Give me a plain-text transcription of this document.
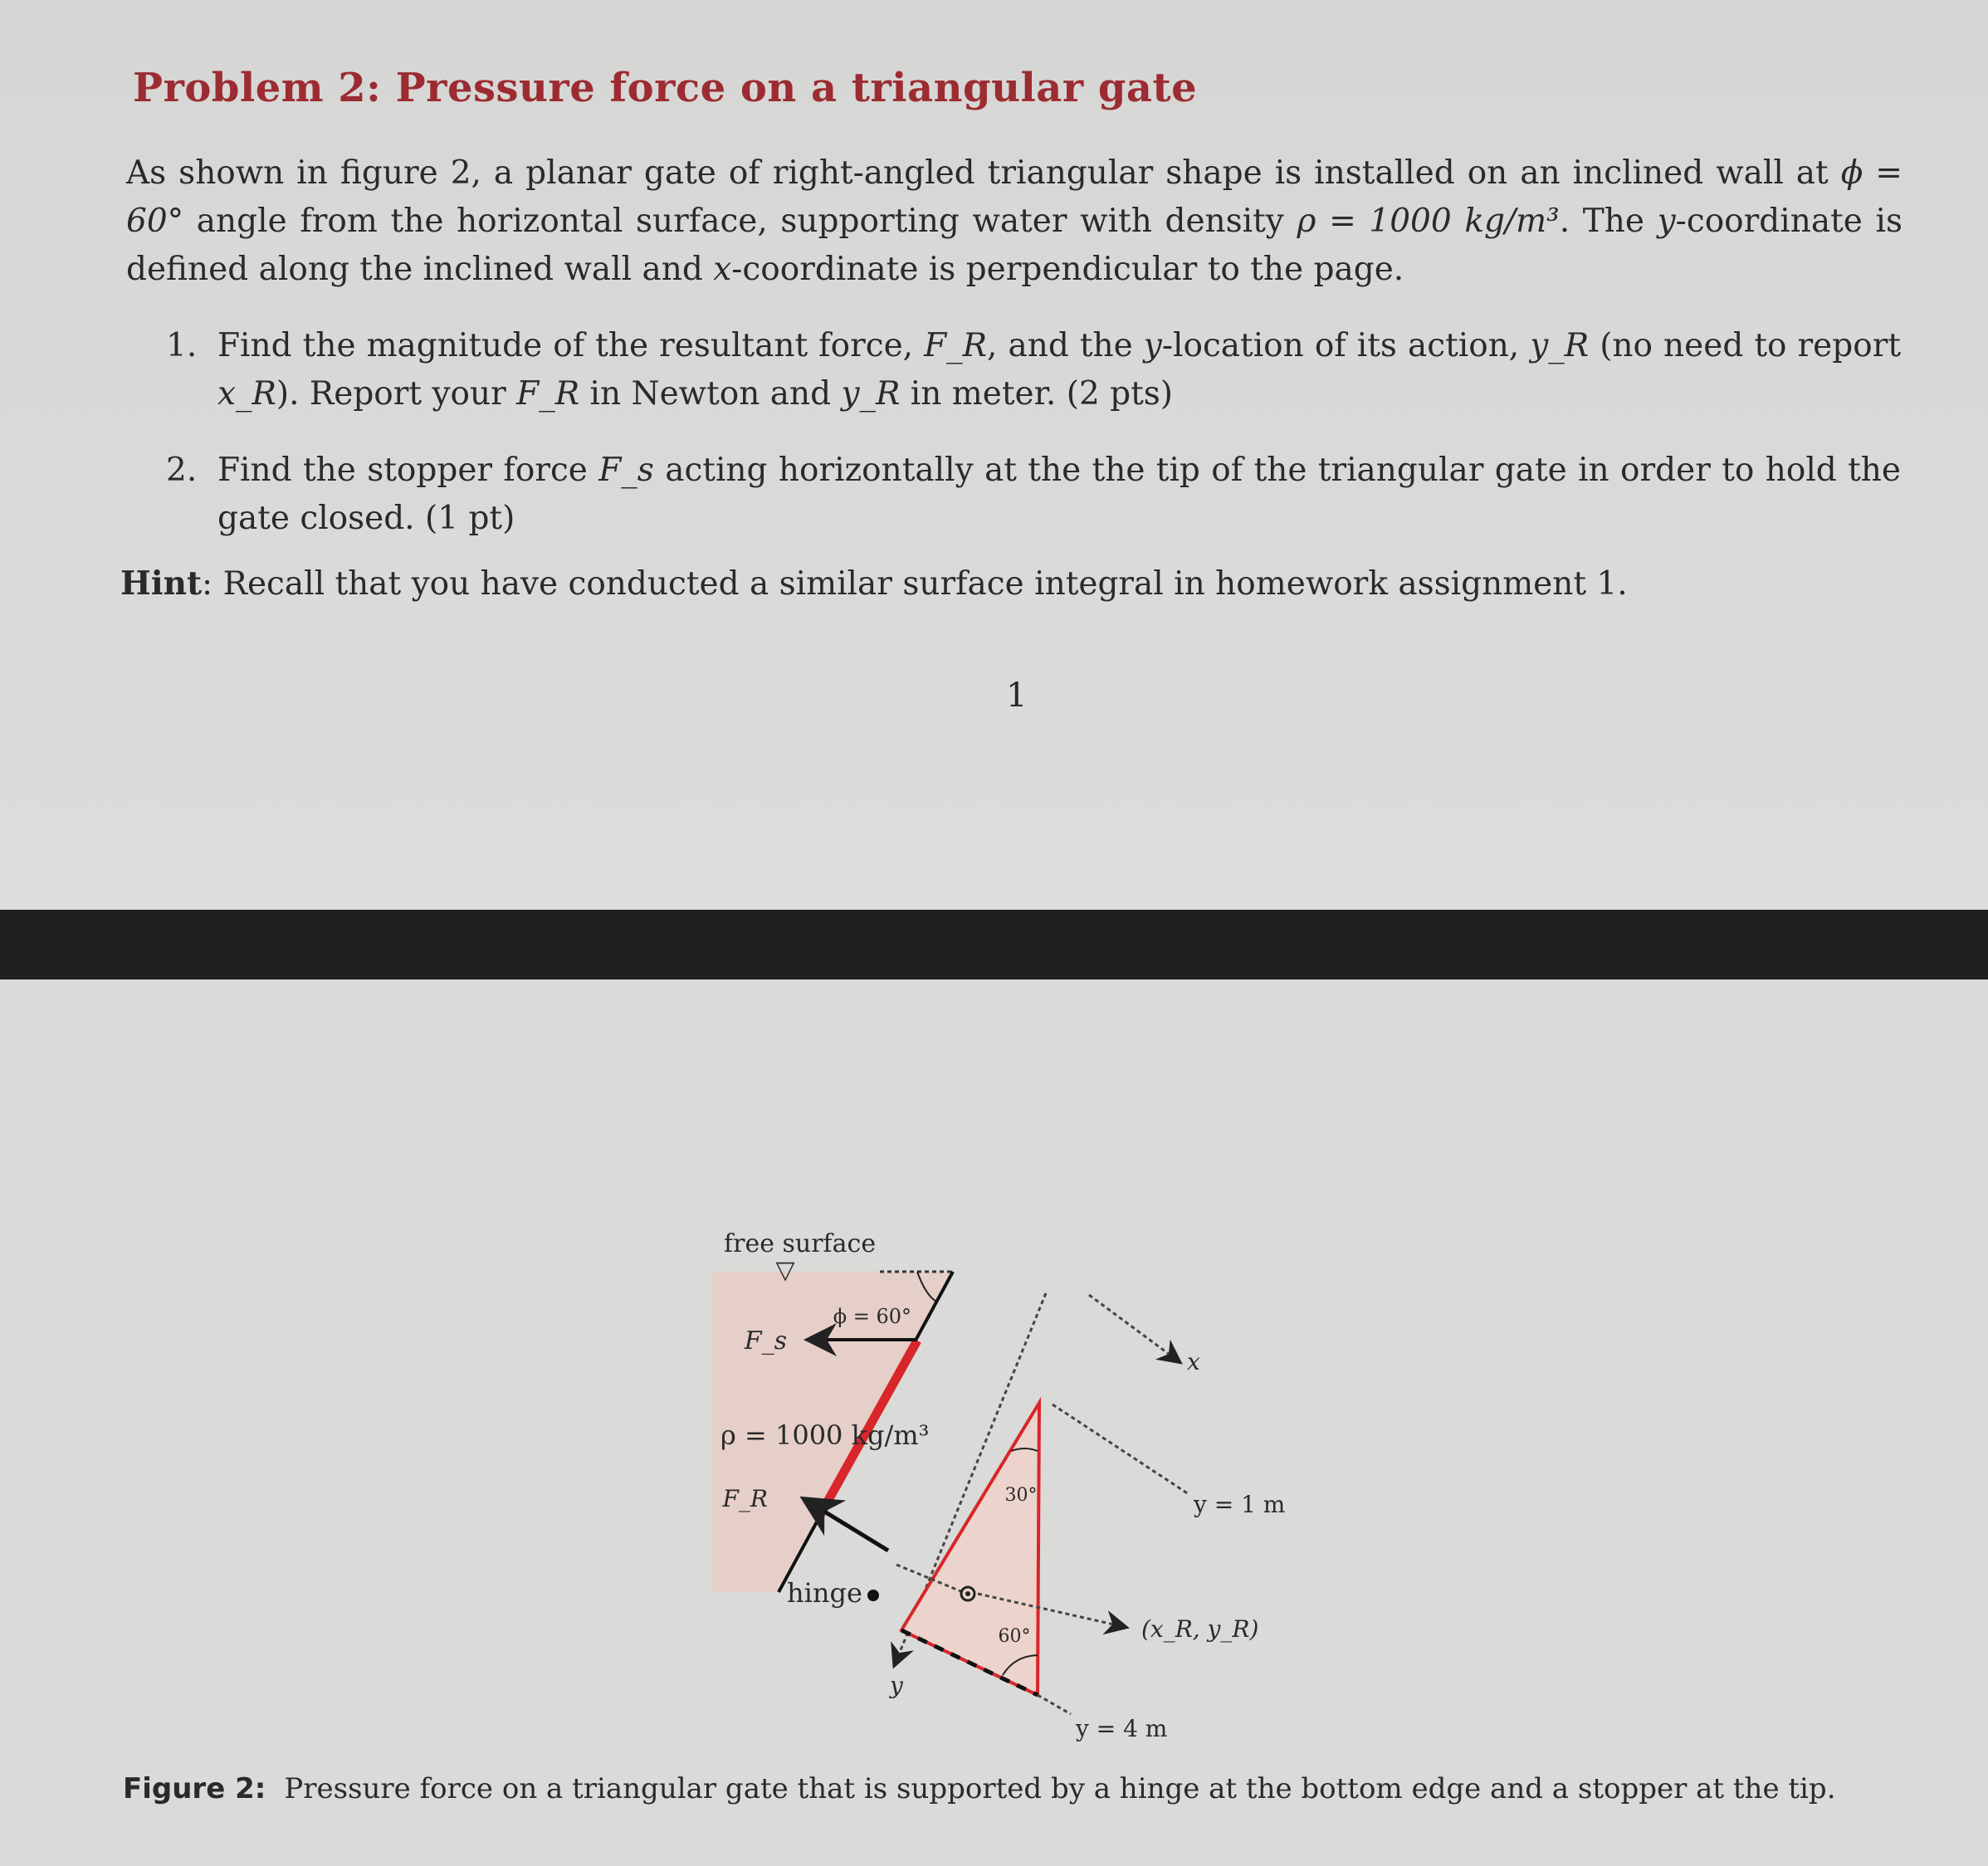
Problem 2: Pressure force on a triangular gate
As shown in figure 2, a planar gate of right-angled triangular shape is installed on an inclined wall at ϕ = 60° angle from the horizontal surface, supporting water with density ρ = 1000 kg/m³. The y-coordinate is defined along the inclined wall and x-coordinate is perpendicular to the page.
1. Find the magnitude of the resultant force, F_R, and the y-location of its action, y_R (no need to report x_R). Report your F_R in Newton and y_R in meter. (2 pts)
2. Find the stopper force F_s acting horizontally at the the tip of the triangular gate in order to hold the gate closed. (1 pt)
Hint: Recall that you have conducted a similar surface integral in homework assignment 1.
1
free surface
▽
ϕ = 60°
F_s
ρ = 1000 kg/m³
F_R
hinge
y
x
y = 1 m
y = 4 m
30°
60°	(x_R, y_R)
Figure 2: Pressure force on a triangular gate that is supported by a hinge at the bottom edge and a stopper at the tip.
